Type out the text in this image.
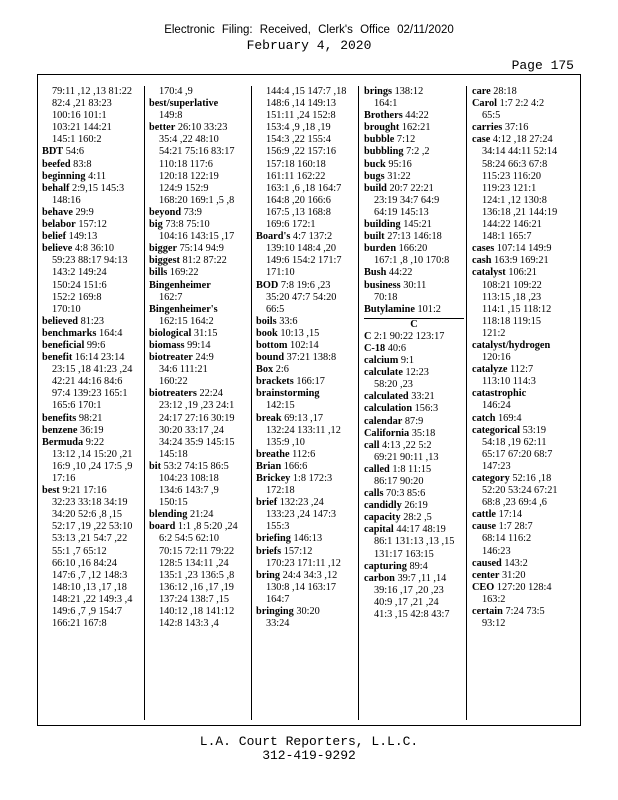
Electronic Filing: Received, Clerk's Office 02/11/2020
February 4, 2020
Page 175
79:11 ,12 ,13 81:22
82:4 ,21 83:23
100:16 101:1
103:21 144:21
145:1 160:2
BDT 54:6
beefed 83:8
beginning 4:11
behalf 2:9,15 145:3
148:16
behave 29:9
belabor 157:12
belief 149:13
believe 4:8 36:10
59:23 88:17 94:13
143:2 149:24
150:24 151:6
152:2 169:8
170:10
believed 81:23
benchmarks 164:4
beneficial 99:6
benefit 16:14 23:14
23:15 ,18 41:23 ,24
42:21 44:16 84:6
97:4 139:23 165:1
165:6 170:1
benefits 98:21
benzene 36:19
Bermuda 9:22
13:12 ,14 15:20 ,21
16:9 ,10 ,24 17:5 ,9
17:16
best 9:21 17:16
32:23 33:18 34:19
34:20 52:6 ,8 ,15
52:17 ,19 ,22 53:10
53:13 ,21 54:7 ,22
55:1 ,7 65:12
66:10 ,16 84:24
147:6 ,7 ,12 148:3
148:10 ,13 ,17 ,18
148:21 ,22 149:3 ,4
149:6 ,7 ,9 154:7
166:21 167:8
170:4 ,9
best/superlative
149:8
better 26:10 33:23
35:4 ,22 48:10
54:21 75:16 83:17
110:18 117:6
120:18 122:19
124:9 152:9
168:20 169:1 ,5 ,8
beyond 73:9
big 73:8 75:10
104:16 143:15 ,17
bigger 75:14 94:9
biggest 81:2 87:22
bills 169:22
Bingenheimer
162:7
Bingenheimer's
162:15 164:2
biological 31:15
biomass 99:14
biotreater 24:9
34:6 111:21
160:22
biotreaters 22:24
23:12 ,19 ,23 24:1
24:17 27:16 30:19
30:20 33:17 ,24
34:24 35:9 145:15
145:18
bit 53:2 74:15 86:5
104:23 108:18
134:6 143:7 ,9
150:15
blending 21:24
board 1:1 ,8 5:20 ,24
6:2 54:5 62:10
70:15 72:11 79:22
128:5 134:11 ,24
135:1 ,23 136:5 ,8
136:12 ,16 ,17 ,19
137:24 138:7 ,15
140:12 ,18 141:12
142:8 143:3 ,4
144:4 ,15 147:7 ,18
148:6 ,14 149:13
151:11 ,24 152:8
153:4 ,9 ,18 ,19
154:3 ,22 155:4
156:9 ,22 157:16
157:18 160:18
161:11 162:22
163:1 ,6 ,18 164:7
164:8 ,20 166:6
167:5 ,13 168:8
169:6 172:1
Board's 4:7 137:2
139:10 148:4 ,20
149:6 154:2 171:7
171:10
BOD 7:8 19:6 ,23
35:20 47:7 54:20
66:5
boils 33:6
book 10:13 ,15
bottom 102:14
bound 37:21 138:8
Box 2:6
brackets 166:17
brainstorming
142:15
break 69:13 ,17
132:24 133:11 ,12
135:9 ,10
breathe 112:6
Brian 166:6
Brickey 1:8 172:3
172:18
brief 132:23 ,24
133:23 ,24 147:3
155:3
briefing 146:13
briefs 157:12
170:23 171:11 ,12
bring 24:4 34:3 ,12
130:8 ,14 163:17
164:7
bringing 30:20
33:24
brings 138:12
164:1
Brothers 44:22
brought 162:21
bubble 7:12
bubbling 7:2 ,2
buck 95:16
bugs 31:22
build 20:7 22:21
23:19 34:7 64:9
64:19 145:13
building 145:21
built 27:13 146:18
burden 166:20
167:1 ,8 ,10 170:8
Bush 44:22
business 30:11
70:18
Butylamine 101:2
C
C 2:1 90:22 123:17
C-18 40:6
calcium 9:1
calculate 12:23
58:20 ,23
calculated 33:21
calculation 156:3
calendar 87:9
California 35:18
call 4:13 ,22 5:2
69:21 90:11 ,13
called 1:8 11:15
86:17 90:20
calls 70:3 85:6
candidly 26:19
capacity 28:2 ,5
capital 44:17 48:19
86:1 131:13 ,13 ,15
131:17 163:15
capturing 89:4
carbon 39:7 ,11 ,14
39:16 ,17 ,20 ,23
40:9 ,17 ,21 ,24
41:3 ,15 42:8 43:7
care 28:18
Carol 1:7 2:2 4:2
65:5
carries 37:16
case 4:12 ,18 27:24
34:14 44:11 52:14
58:24 66:3 67:8
115:23 116:20
119:23 121:1
124:1 ,12 130:8
136:18 ,21 144:19
144:22 146:21
148:1 165:7
cases 107:14 149:9
cash 163:9 169:21
catalyst 106:21
108:21 109:22
113:15 ,18 ,23
114:1 ,15 118:12
118:18 119:15
121:2
catalyst/hydrogen
120:16
catalyze 112:7
113:10 114:3
catastrophic
146:24
catch 169:4
categorical 53:19
54:18 ,19 62:11
65:17 67:20 68:7
147:23
category 52:16 ,18
52:20 53:24 67:21
68:8 ,23 69:4 ,6
cattle 17:14
cause 1:7 28:7
68:14 116:2
146:23
caused 143:2
center 31:20
CEO 127:20 128:4
163:2
certain 7:24 73:5
93:12
L.A. Court Reporters, L.L.C.
312-419-9292
